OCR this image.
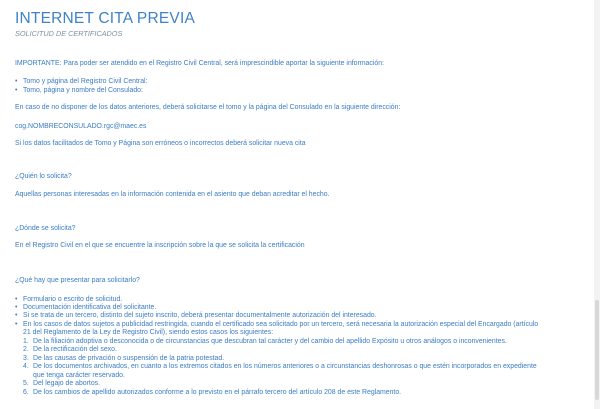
INTERNET CITA PREVIA
SOLICITUD DE CERTIFICADOS
IMPORTANTE: Para poder ser atendido en el Registro Civil Central, será imprescindible aportar la siguiente información:
• Tomo y página del Registro Civil Central:
• Tomo, página y nombre del Consulado:
En caso de no disponer de los datos anteriores, deberá solicitarse el tomo y la página del Consulado en la siguiente dirección:
cog.NOMBRECONSULADO.rgc@maec.es
Si los datos facilitados de Tomo y Página son erróneos o incorrectos deberá solicitar nueva cita
¿Quién lo solicita?
Aquellas personas interesadas en la información contenida en el asiento que deban acreditar el hecho.
¿Dónde se solicita?
En el Registro Civil en el que se encuentre la inscripción sobre la que se solicita la certificación
¿Qué hay que presentar para solicitarlo?
• Formulario o escrito de solicitud.
• Documentación identificativa del solicitante.
• Si se trata de un tercero, distinto del sujeto inscrito, deberá presentar documentalmente autorización del interesado.
• En los casos de datos sujetos a publicidad restringida, cuando el certificado sea solicitado por un tercero, será necesaria la autorización especial del Encargado (artículo
21 del Reglamento de la Ley de Registro Civil), siendo estos casos los siguientes:
1. De la filiación adoptiva o desconocida o de circunstancias que descubran tal carácter y del cambio del apellido Expósito u otros análogos o inconvenientes.
2. De la rectificación del sexo.
3. De las causas de privación o suspensión de la patria potestad.
4. De los documentos archivados, en cuanto a los extremos citados en los números anteriores o a circunstancias deshonrosas o que estén incorporados en expediente
que tenga carácter reservado.
5. Del legajo de abortos.
6. De los cambios de apellido autorizados conforme a lo previsto en el párrafo tercero del artículo 208 de este Reglamento.
